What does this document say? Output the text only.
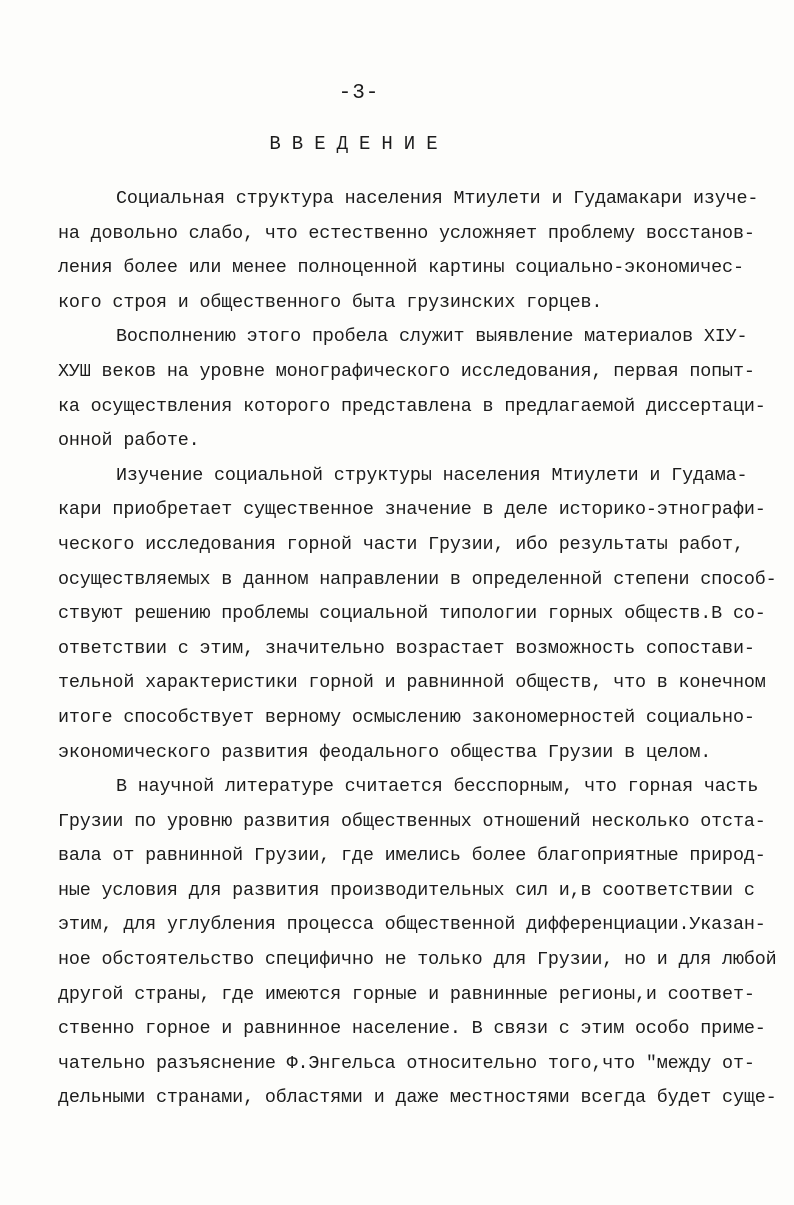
-3-
ВВЕДЕНИЕ
Социальная структура населения Мтиулети и Гудамакари изуче-
на довольно слабо, что естественно усложняет проблему восстанов-
ления более или менее полноценной картины социально-экономичес-
кого строя и общественного быта грузинских горцев.
Восполнению этого пробела служит выявление материалов XIУ-
ХУШ веков на уровне монографического исследования, первая попыт-
ка осуществления которого представлена в предлагаемой диссертаци-
онной работе.
Изучение социальной структуры населения Мтиулети и Гудама-
кари приобретает существенное значение в деле историко-этнографи-
ческого исследования горной части Грузии, ибо результаты работ,
осуществляемых в данном направлении в определенной степени способ-
ствуют решению проблемы социальной типологии горных обществ.В со-
ответствии с этим, значительно возрастает возможность сопостави-
тельной характеристики горной и равнинной обществ, что в конечном
итоге способствует верному осмыслению закономерностей социально-
экономического развития феодального общества Грузии в целом.
В научной литературе считается бесспорным, что горная часть
Грузии по уровню развития общественных отношений несколько отста-
вала от равнинной Грузии, где имелись более благоприятные природ-
ные условия для развития производительных сил и,в соответствии с
этим, для углубления процесса общественной дифференциации.Указан-
ное обстоятельство специфично не только для Грузии, но и для любой
другой страны, где имеются горные и равнинные регионы,и соответ-
ственно горное и равнинное население. В связи с этим особо приме-
чательно разъяснение Ф.Энгельса относительно того,что "между от-
дельными странами, областями и даже местностями всегда будет суще-
